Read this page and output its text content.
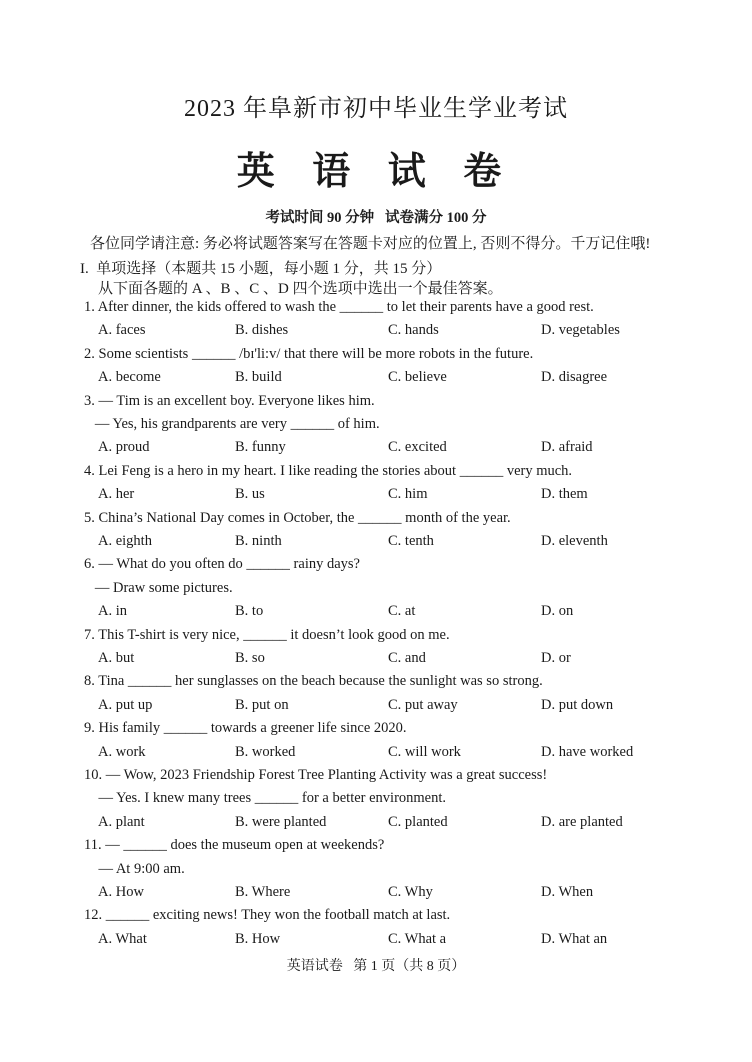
2023 年阜新市初中毕业生学业考试
英 语 试 卷
考试时间 90 分钟   试卷满分 100 分
各位同学请注意: 务必将试题答案写在答题卡对应的位置上, 否则不得分。千万记住哦!
I.  单项选择（本题共 15 小题，每小题 1 分，共 15 分）
从下面各题的 A 、B 、C 、D 四个选项中选出一个最佳答案。
1. After dinner, the kids offered to wash the ______ to let their parents have a good rest.
A. faces	B. dishes	C. hands	D. vegetables
2. Some scientists ______ /bɪ'li:v/ that there will be more robots in the future.
A. become	B. build	C. believe	D. disagree
3. — Tim is an excellent boy. Everyone likes him.
— Yes, his grandparents are very ______ of him.
A. proud	B. funny	C. excited	D. afraid
4. Lei Feng is a hero in my heart. I like reading the stories about ______ very much.
A. her	B. us	C. him	D. them
5. China’s National Day comes in October, the ______ month of the year.
A. eighth	B. ninth	C. tenth	D. eleventh
6. — What do you often do ______ rainy days?
— Draw some pictures.
A. in	B. to	C. at	D. on
7. This T-shirt is very nice, ______ it doesn’t look good on me.
A. but	B. so	C. and	D. or
8. Tina ______ her sunglasses on the beach because the sunlight was so strong.
A. put up	B. put on	C. put away	D. put down
9. His family ______ towards a greener life since 2020.
A. work	B. worked	C. will work	D. have worked
10. — Wow, 2023 Friendship Forest Tree Planting Activity was a great success!
— Yes. I knew many trees ______ for a better environment.
A. plant	B. were planted	C. planted	D. are planted
11. — ______ does the museum open at weekends?
— At 9:00 am.
A. How	B. Where	C. Why	D. When
12. ______ exciting news! They won the football match at last.
A. What	B. How	C. What a	D. What an
英语试卷   第 1 页（共 8 页）
